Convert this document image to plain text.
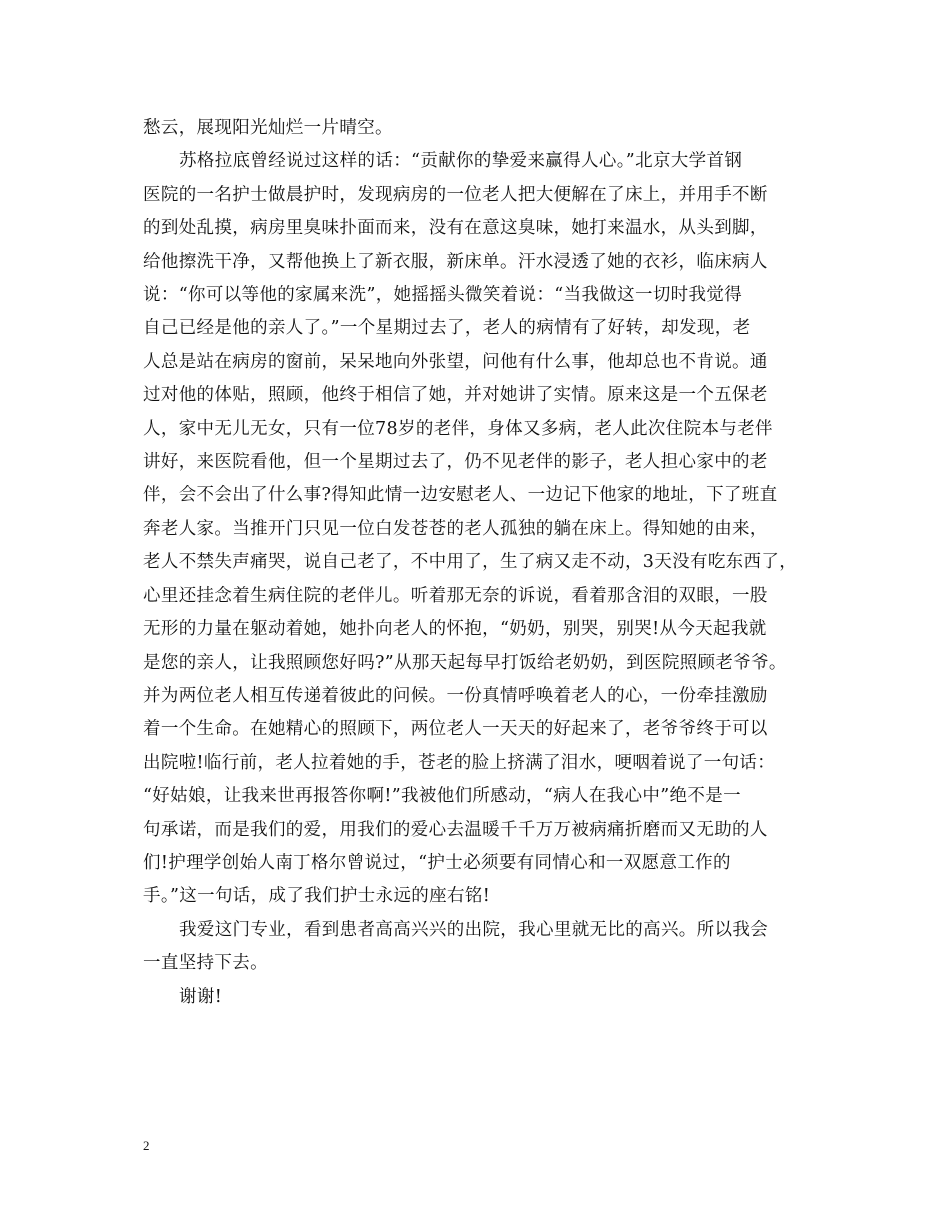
愁云，展现阳光灿烂一片晴空。
苏格拉底曾经说过这样的话：“贡献你的挚爱来赢得人心。”北京大学首钢
医院的一名护士做晨护时，发现病房的一位老人把大便解在了床上，并用手不断
的到处乱摸，病房里臭味扑面而来，没有在意这臭味，她打来温水，从头到脚，
给他擦洗干净，又帮他换上了新衣服，新床单。汗水浸透了她的衣衫，临床病人
说：“你可以等他的家属来洗”，她摇摇头微笑着说：“当我做这一切时我觉得
自己已经是他的亲人了。”一个星期过去了，老人的病情有了好转，却发现，老
人总是站在病房的窗前，呆呆地向外张望，问他有什么事，他却总也不肯说。通
过对他的体贴，照顾，他终于相信了她，并对她讲了实情。原来这是一个五保老
人，家中无儿无女，只有一位78岁的老伴，身体又多病，老人此次住院本与老伴
讲好，来医院看他，但一个星期过去了，仍不见老伴的影子，老人担心家中的老
伴，会不会出了什么事?得知此情一边安慰老人、一边记下他家的地址，下了班直
奔老人家。当推开门只见一位白发苍苍的老人孤独的躺在床上。得知她的由来，
老人不禁失声痛哭，说自己老了，不中用了，生了病又走不动，3天没有吃东西了，
心里还挂念着生病住院的老伴儿。听着那无奈的诉说，看着那含泪的双眼，一股
无形的力量在躯动着她，她扑向老人的怀抱，“奶奶，别哭，别哭!从今天起我就
是您的亲人，让我照顾您好吗?”从那天起每早打饭给老奶奶，到医院照顾老爷爷。
并为两位老人相互传递着彼此的问候。一份真情呼唤着老人的心，一份牵挂激励
着一个生命。在她精心的照顾下，两位老人一天天的好起来了，老爷爷终于可以
出院啦!临行前，老人拉着她的手，苍老的脸上挤满了泪水，哽咽着说了一句话：
“好姑娘，让我来世再报答你啊!”我被他们所感动，“病人在我心中”绝不是一
句承诺，而是我们的爱，用我们的爱心去温暖千千万万被病痛折磨而又无助的人
们!护理学创始人南丁格尔曾说过，“护士必须要有同情心和一双愿意工作的
手。”这一句话，成了我们护士永远的座右铭!
我爱这门专业，看到患者高高兴兴的出院，我心里就无比的高兴。所以我会
一直坚持下去。
谢谢!
2
